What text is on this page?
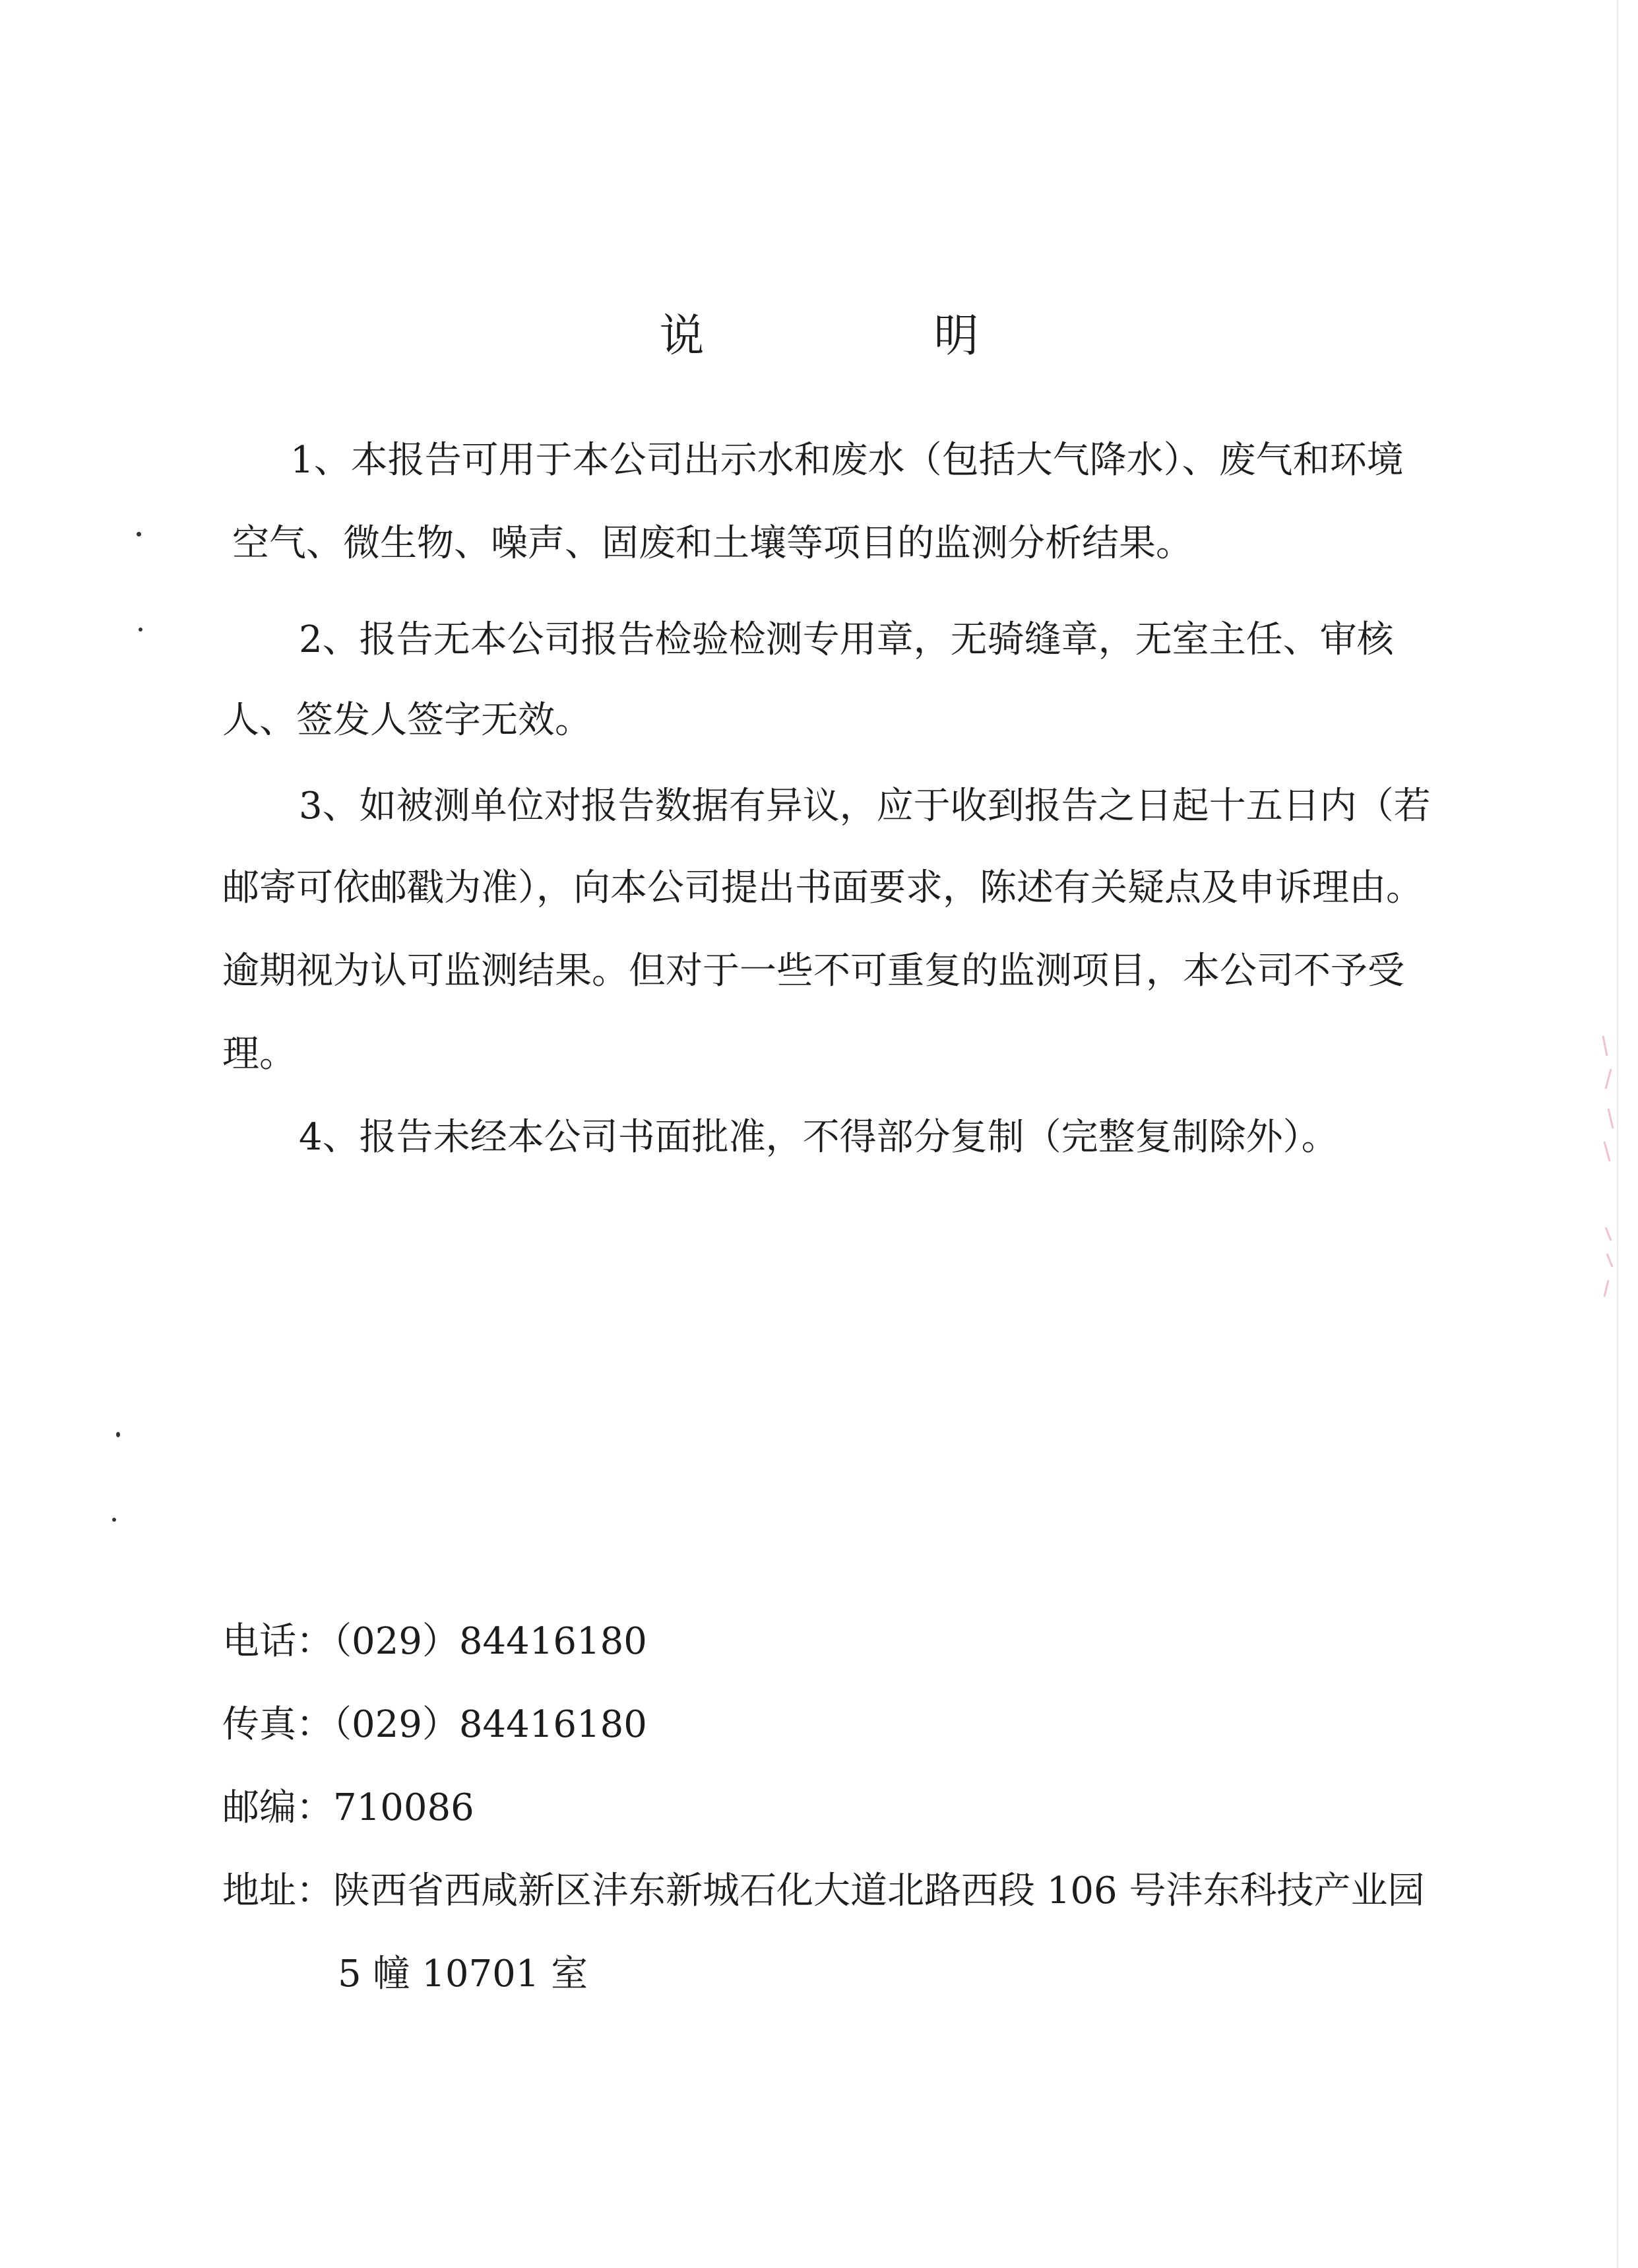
说　明
1、本报告可用于本公司出示水和废水（包括大气降水）、废气和环境
空气、微生物、噪声、固废和土壤等项目的监测分析结果。
2、报告无本公司报告检验检测专用章，无骑缝章，无室主任、审核
人、签发人签字无效。
3、如被测单位对报告数据有异议，应于收到报告之日起十五日内（若
邮寄可依邮戳为准），向本公司提出书面要求，陈述有关疑点及申诉理由。
逾期视为认可监测结果。但对于一些不可重复的监测项目，本公司不予受
理。
4、报告未经本公司书面批准，不得部分复制（完整复制除外）。
电话：（029）84416180
传真：（029）84416180
邮编：710086
地址：陕西省西咸新区沣东新城石化大道北路西段 106 号沣东科技产业园
5 幢 10701 室
